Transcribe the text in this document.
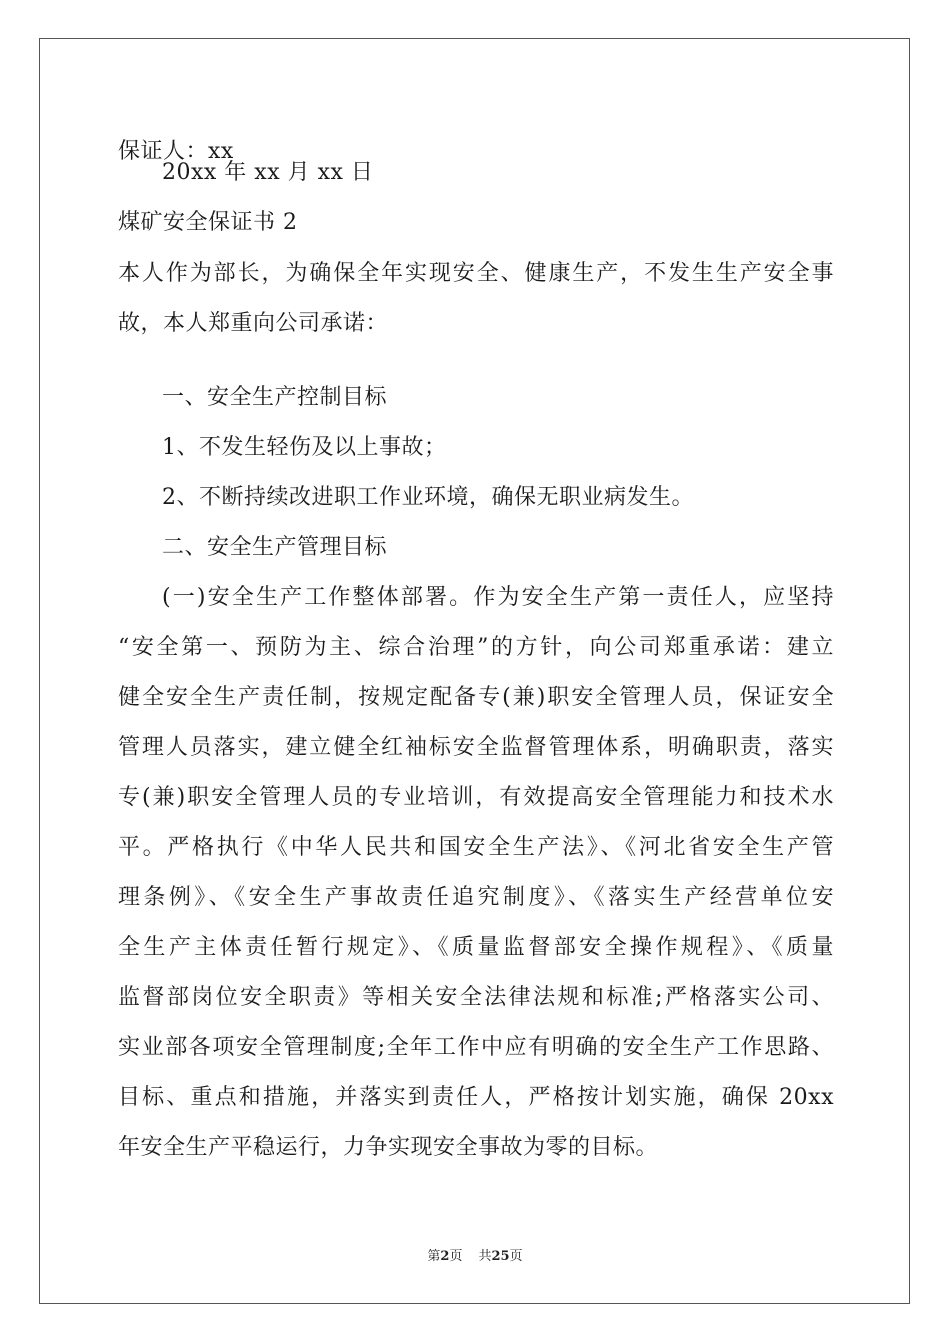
保证人：xx
20xx 年 xx 月 xx 日
煤矿安全保证书 2
本人作为部长，为确保全年实现安全、健康生产，不发生生产安全事
故，本人郑重向公司承诺：
一、安全生产控制目标
1、不发生轻伤及以上事故；
2、不断持续改进职工作业环境，确保无职业病发生。
二、安全生产管理目标
(一)安全生产工作整体部署。作为安全生产第一责任人，应坚持
“安全第一、预防为主、综合治理”的方针，向公司郑重承诺：建立
健全安全生产责任制，按规定配备专(兼)职安全管理人员，保证安全
管理人员落实，建立健全红袖标安全监督管理体系，明确职责，落实
专(兼)职安全管理人员的专业培训，有效提高安全管理能力和技术水
平。严格执行《中华人民共和国安全生产法》、《河北省安全生产管
理条例》、《安全生产事故责任追究制度》、《落实生产经营单位安
全生产主体责任暂行规定》、《质量监督部安全操作规程》、《质量
监督部岗位安全职责》等相关安全法律法规和标准;严格落实公司、
实业部各项安全管理制度;全年工作中应有明确的安全生产工作思路、
目标、重点和措施，并落实到责任人，严格按计划实施，确保 20xx
年安全生产平稳运行，力争实现安全事故为零的目标。
第2页 共25页
